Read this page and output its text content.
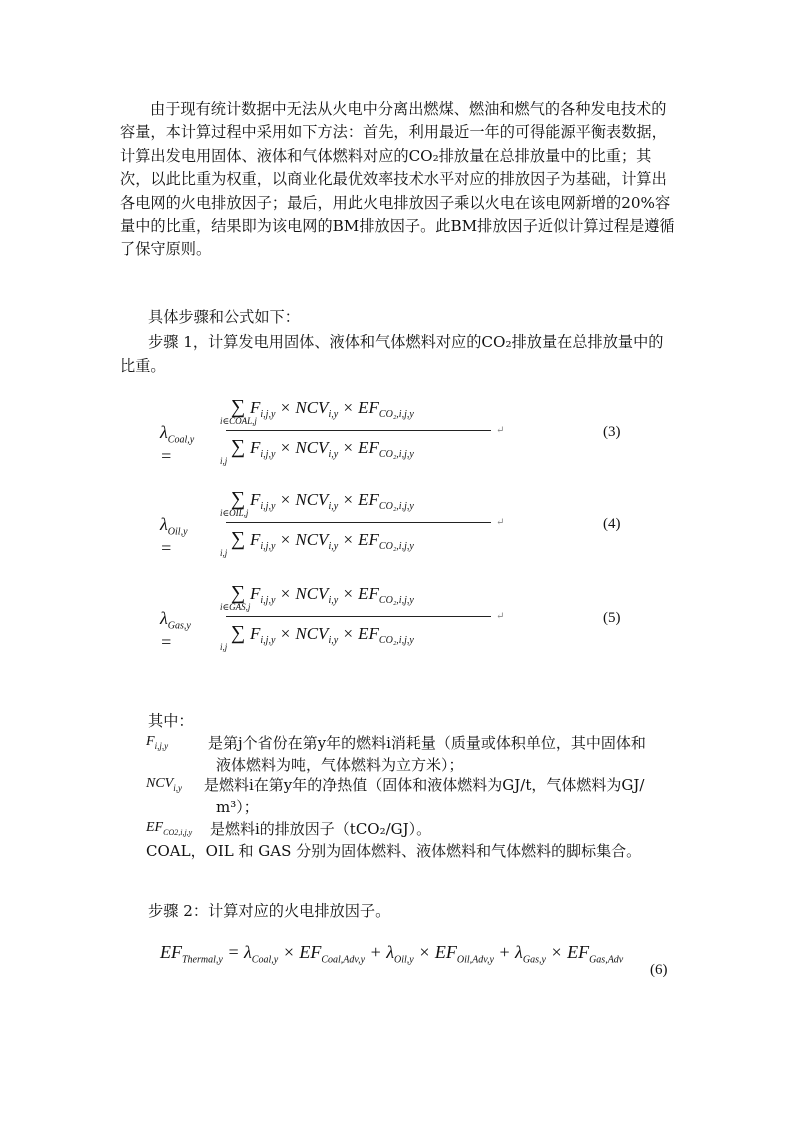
由于现有统计数据中无法从火电中分离出燃煤、燃油和燃气的各种发电技术的容量，本计算过程中采用如下方法：首先，利用最近一年的可得能源平衡表数据，计算出发电用固体、液体和气体燃料对应的CO₂排放量在总排放量中的比重；其次，以此比重为权重，以商业化最优效率技术水平对应的排放因子为基础，计算出各电网的火电排放因子；最后，用此火电排放因子乘以火电在该电网新增的20%容量中的比重，结果即为该电网的BM排放因子。此BM排放因子近似计算过程是遵循了保守原则。
具体步骤和公式如下：
步骤 1，计算发电用固体、液体和气体燃料对应的CO₂排放量在总排放量中的
比重。
$\lambda_{Coal,y}$ =
∑
i∈COAL,j
$F_{i,j,y} \times NCV_{i,y} \times EF_{CO_2,i,j,y}$
∑
i,j
$F_{i,j,y} \times NCV_{i,y} \times EF_{CO_2,i,j,y}$
↵	(3)
$\lambda_{Oil,y}$ =
∑
i∈OIL,j
$F_{i,j,y} \times NCV_{i,y} \times EF_{CO_2,i,j,y}$
∑
i,j
$F_{i,j,y} \times NCV_{i,y} \times EF_{CO_2,i,j,y}$
↵	(4)
$\lambda_{Gas,y}$ =
∑
i∈GAS,j
$F_{i,j,y} \times NCV_{i,y} \times EF_{CO_2,i,j,y}$
∑
i,j
$F_{i,j,y} \times NCV_{i,y} \times EF_{CO_2,i,j,y}$
↵	(5)
其中：
$F_{i,j,y}$	是第j个省份在第y年的燃料i消耗量（质量或体积单位，其中固体和
液体燃料为吨，气体燃料为立方米）；
$NCV_{i,y}$ 是燃料i在第y年的净热值（固体和液体燃料为GJ/t，气体燃料为GJ/
m³）；
$EF_{CO2,i,j,y}$ 是燃料i的排放因子（tCO₂/GJ）。
COAL，OIL 和 GAS 分别为固体燃料、液体燃料和气体燃料的脚标集合。
步骤 2：计算对应的火电排放因子。
$EF_{Thermal,y} = \lambda_{Coal,y} \times EF_{Coal,Adv,y} + \lambda_{Oil,y} \times EF_{Oil,Adv,y} + \lambda_{Gas,y} \times EF_{Gas,Adv}$
(6)
